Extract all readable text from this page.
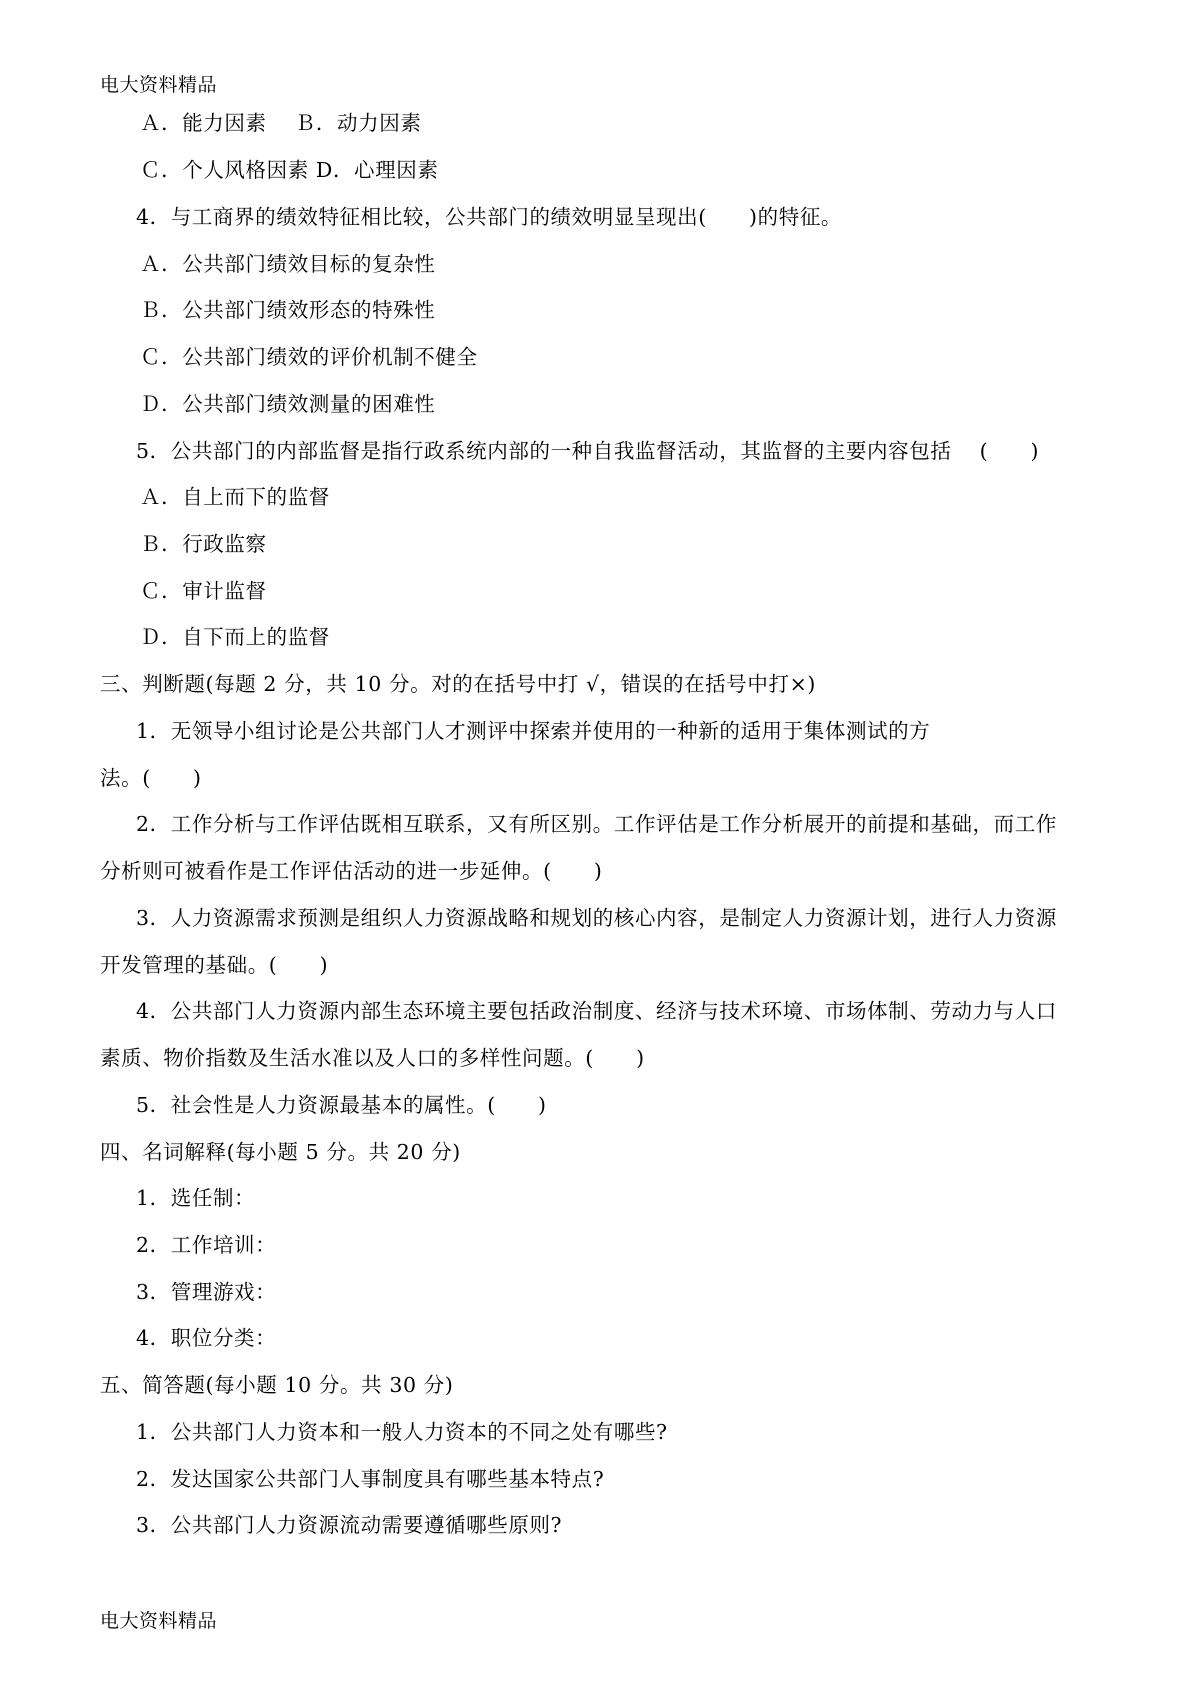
电大资料精品
Ａ．能力因素　 Ｂ．动力因素
Ｃ．个人风格因素 D．心理因素
4．与工商界的绩效特征相比较，公共部门的绩效明显呈现出(　　)的特征。
Ａ．公共部门绩效目标的复杂性
Ｂ．公共部门绩效形态的特殊性
Ｃ．公共部门绩效的评价机制不健全
Ｄ．公共部门绩效测量的困难性
5．公共部门的内部监督是指行政系统内部的一种自我监督活动，其监督的主要内容包括　 (　　)
Ａ．自上而下的监督
Ｂ．行政监察
Ｃ．审计监督
Ｄ．自下而上的监督
三、判断题(每题 2 分，共 10 分。对的在括号中打 √，错误的在括号中打×)
1．无领导小组讨论是公共部门人才测评中探索并使用的一种新的适用于集体测试的方
法。(　　)
2．工作分析与工作评估既相互联系，又有所区别。工作评估是工作分析展开的前提和基础，而工作
分析则可被看作是工作评估活动的进一步延伸。(　　)
3．人力资源需求预测是组织人力资源战略和规划的核心内容，是制定人力资源计划，进行人力资源
开发管理的基础。(　　)
4．公共部门人力资源内部生态环境主要包括政治制度、经济与技术环境、市场体制、劳动力与人口
素质、物价指数及生活水准以及人口的多样性问题。(　　)
5．社会性是人力资源最基本的属性。(　　)
四、名词解释(每小题 5 分。共 20 分)
1．选任制：
2．工作培训：
3．管理游戏：
4．职位分类：
五、简答题(每小题 10 分。共 30 分)
1．公共部门人力资本和一般人力资本的不同之处有哪些?
2．发达国家公共部门人事制度具有哪些基本特点?
3．公共部门人力资源流动需要遵循哪些原则?
电大资料精品
